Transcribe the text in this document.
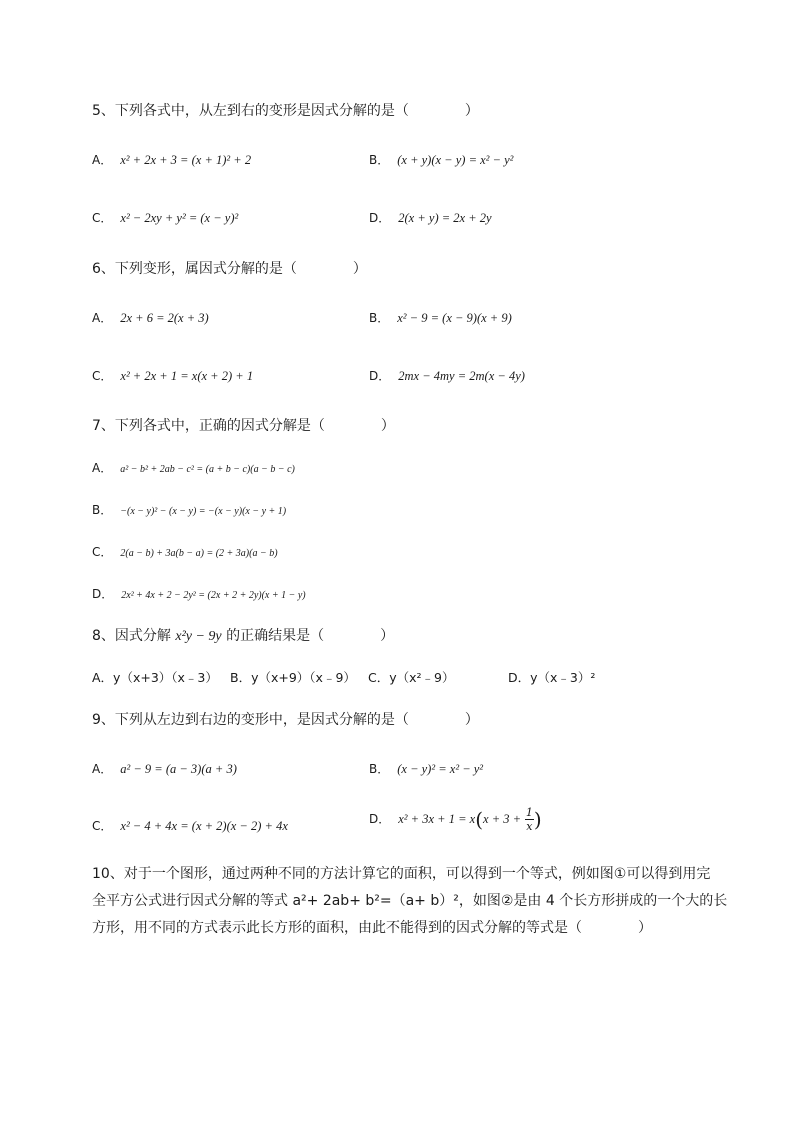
5、下列各式中，从左到右的变形是因式分解的是（　　　　）
A． x² + 2x + 3 = (x + 1)² + 2	B． (x + y)(x − y) = x² − y²
C． x² − 2xy + y² = (x − y)²	D． 2(x + y) = 2x + 2y
6、下列变形，属因式分解的是（　　　　）
A． 2x + 6 = 2(x + 3)	B． x² − 9 = (x − 9)(x + 9)
C． x² + 2x + 1 = x(x + 2) + 1	D． 2mx − 4my = 2m(x − 4y)
7、下列各式中，正确的因式分解是（　　　　）
A． a² − b² + 2ab − c² = (a + b − c)(a − b − c)
B． −(x − y)² − (x − y) = −(x − y)(x − y + 1)
C． 2(a − b) + 3a(b − a) = (2 + 3a)(a − b)
D． 2x² + 4x + 2 − 2y² = (2x + 2 + 2y)(x + 1 − y)
8、因式分解 x²y − 9y 的正确结果是（　　　　）
A．y（x+3）（x﹣3） B．y（x+9）（x﹣9） C．y（x²﹣9）	D．y（x﹣3）²
9、下列从左边到右边的变形中，是因式分解的是（　　　　）
A． a² − 9 = (a − 3)(a + 3)	B． (x − y)² = x² − y²
C． x² − 4 + 4x = (x + 2)(x − 2) + 4x	D． $x^2 + 3x + 1 = x(x + 3 + \frac{1}{x}$ )
10、对于一个图形，通过两种不同的方法计算它的面积，可以得到一个等式，例如图①可以得到用完
全平方公式进行因式分解的等式 a²+ 2ab+ b²=（a+ b）²，如图②是由 4 个长方形拼成的一个大的长
方形，用不同的方式表示此长方形的面积，由此不能得到的因式分解的等式是（　　　　）
